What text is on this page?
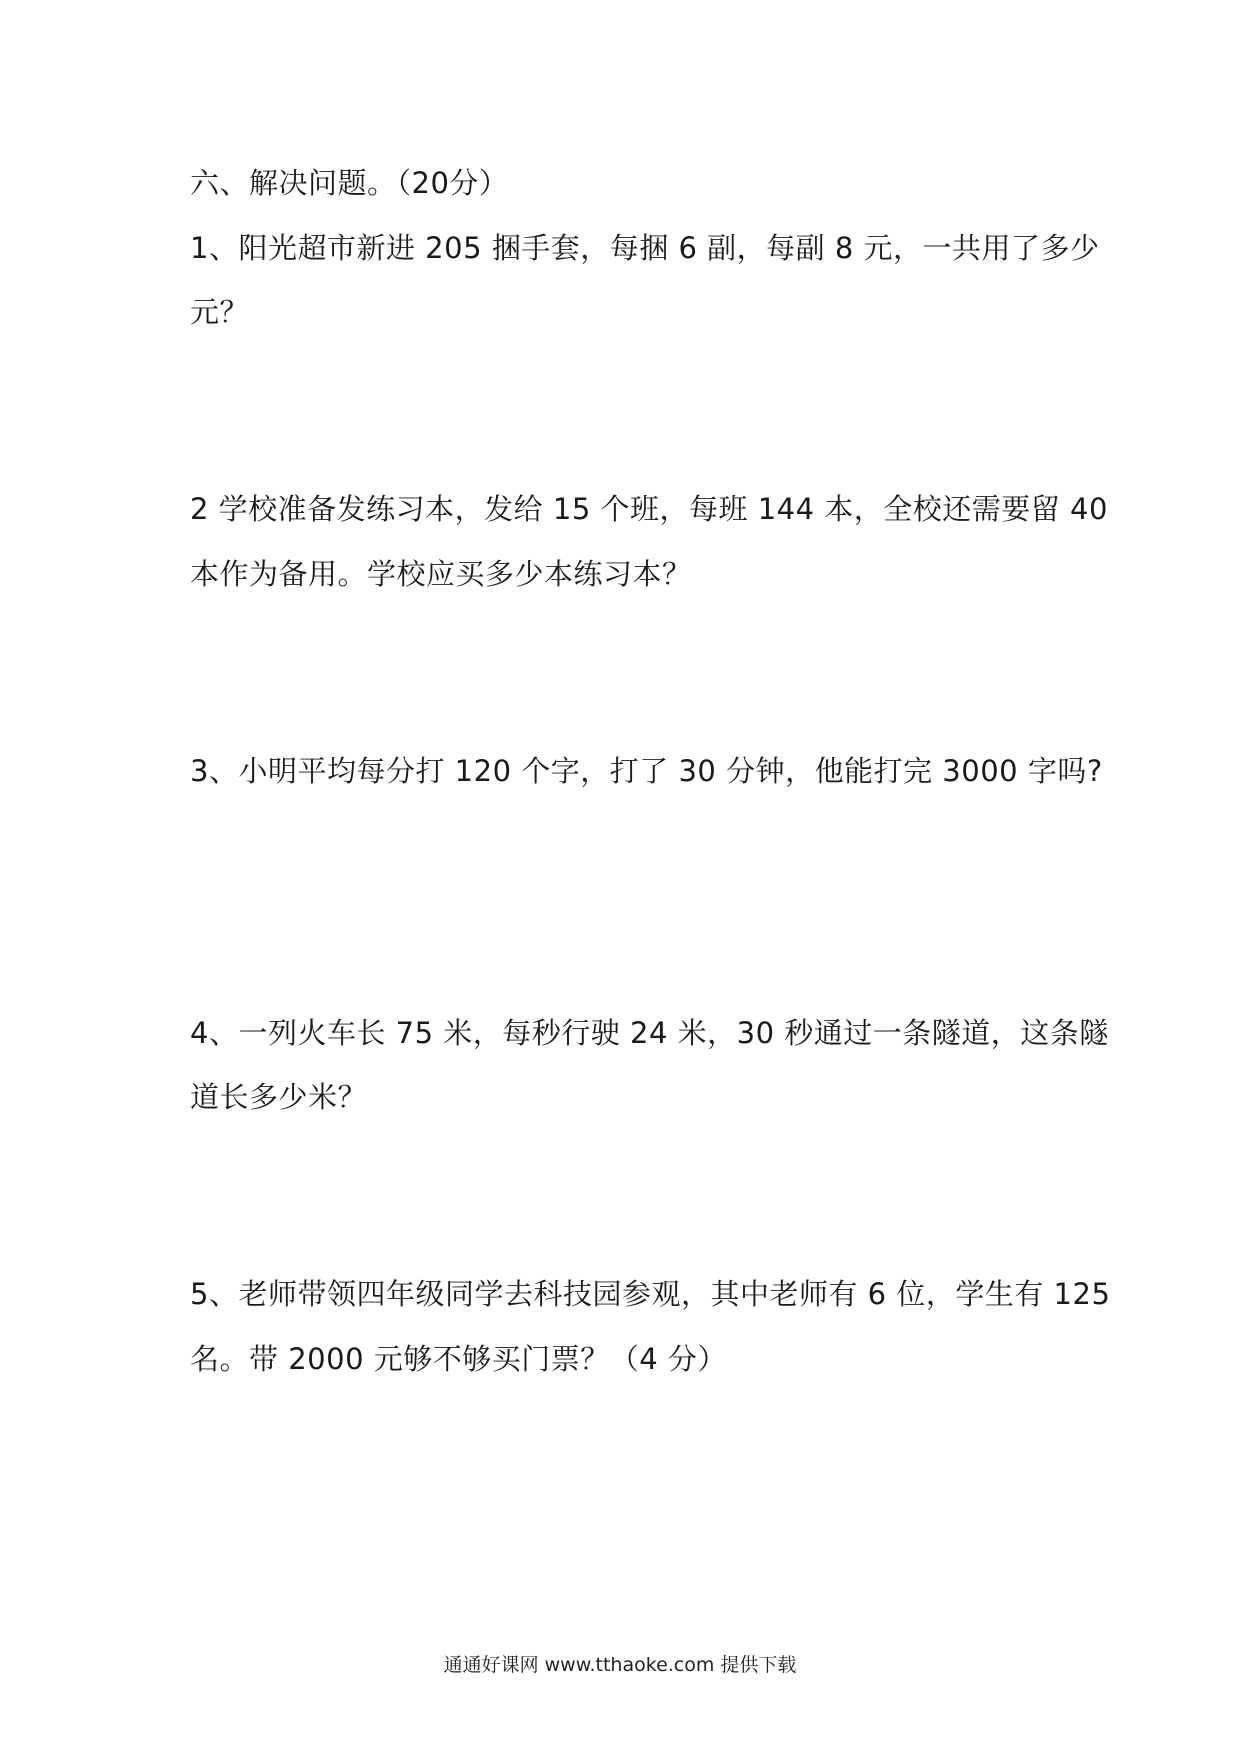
六、解决问题。（20分）
1、阳光超市新进 205 捆手套，每捆 6 副，每副 8 元，一共用了多少
元？
2 学校准备发练习本，发给 15 个班，每班 144 本，全校还需要留 40
本作为备用。学校应买多少本练习本？
3、小明平均每分打 120 个字，打了 30 分钟，他能打完 3000 字吗?
4、一列火车长 75 米，每秒行驶 24 米，30 秒通过一条隧道，这条隧
道长多少米？
5、老师带领四年级同学去科技园参观，其中老师有 6 位，学生有 125
名。带 2000 元够不够买门票？（4 分）
通通好课网 www.tthaoke.com 提供下载
